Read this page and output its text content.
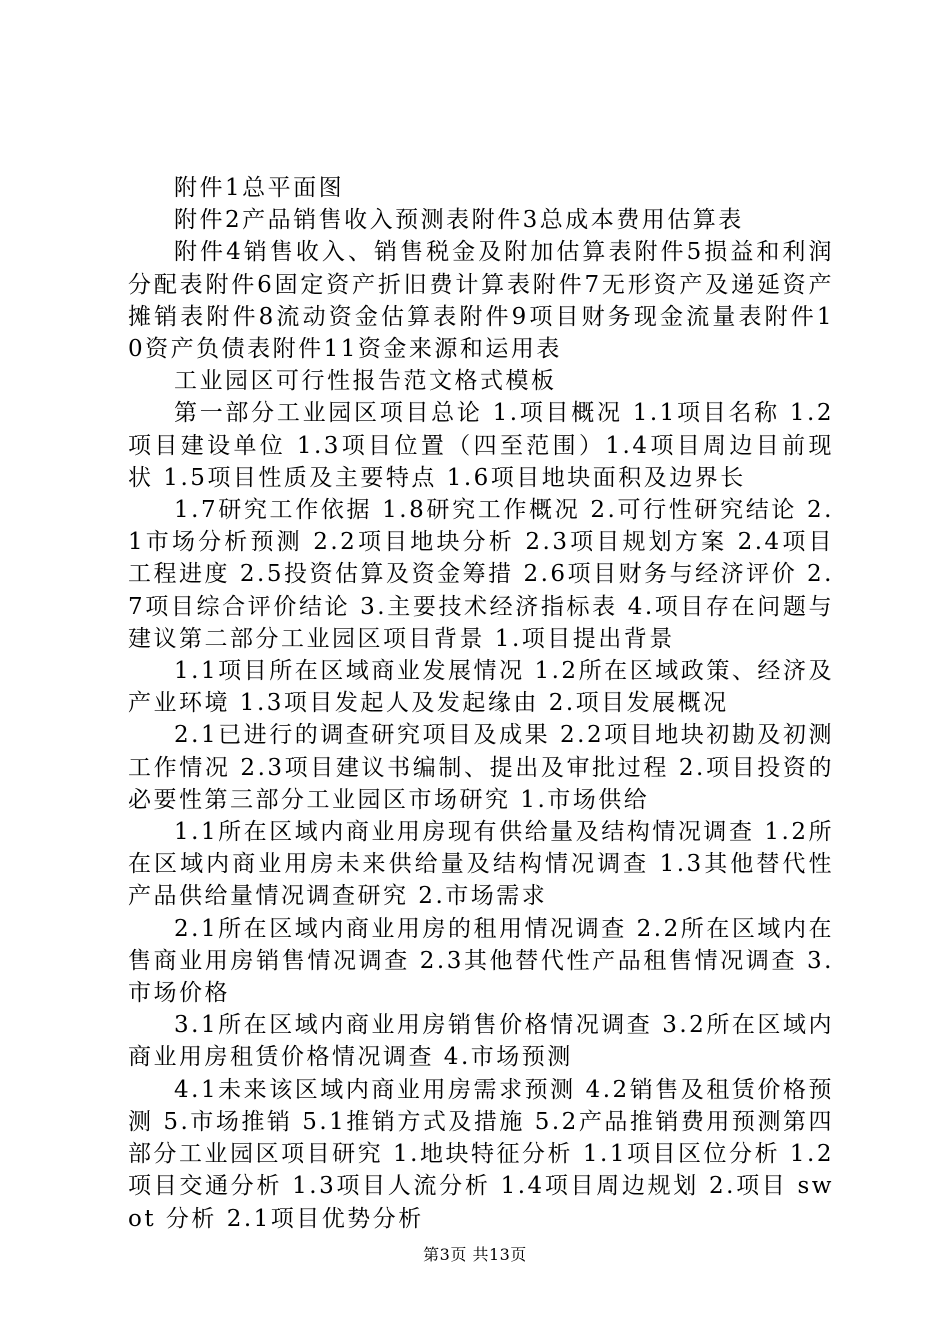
附件1总平面图

附件2产品销售收入预测表附件3总成本费用估算表

附件4销售收入、销售税金及附加估算表附件5损益和利润分配表附件6固定资产折旧费计算表附件7无形资产及递延资产摊销表附件8流动资金估算表附件9项目财务现金流量表附件10资产负债表附件11资金来源和运用表

工业园区可行性报告范文格式模板

第一部分工业园区项目总论 1.项目概况 1.1项目名称 1.2项目建设单位 1.3项目位置（四至范围）1.4项目周边目前现状 1.5项目性质及主要特点 1.6项目地块面积及边界长

1.7研究工作依据 1.8研究工作概况 2.可行性研究结论 2.1市场分析预测 2.2项目地块分析 2.3项目规划方案 2.4项目工程进度 2.5投资估算及资金筹措 2.6项目财务与经济评价 2.7项目综合评价结论 3.主要技术经济指标表 4.项目存在问题与建议第二部分工业园区项目背景 1.项目提出背景

1.1项目所在区域商业发展情况 1.2所在区域政策、经济及产业环境 1.3项目发起人及发起缘由 2.项目发展概况

2.1已进行的调查研究项目及成果 2.2项目地块初勘及初测工作情况 2.3项目建议书编制、提出及审批过程 2.项目投资的必要性第三部分工业园区市场研究 1.市场供给

1.1所在区域内商业用房现有供给量及结构情况调查 1.2所在区域内商业用房未来供给量及结构情况调查 1.3其他替代性产品供给量情况调查研究 2.市场需求

2.1所在区域内商业用房的租用情况调查 2.2所在区域内在售商业用房销售情况调查 2.3其他替代性产品租售情况调查 3.市场价格

3.1所在区域内商业用房销售价格情况调查 3.2所在区域内商业用房租赁价格情况调查 4.市场预测

4.1未来该区域内商业用房需求预测 4.2销售及租赁价格预测 5.市场推销 5.1推销方式及措施 5.2产品推销费用预测第四部分工业园区项目研究 1.地块特征分析 1.1项目区位分析 1.2项目交通分析 1.3项目人流分析 1.4项目周边规划 2.项目 swot 分析 2.1项目优势分析

第3页 共13页
